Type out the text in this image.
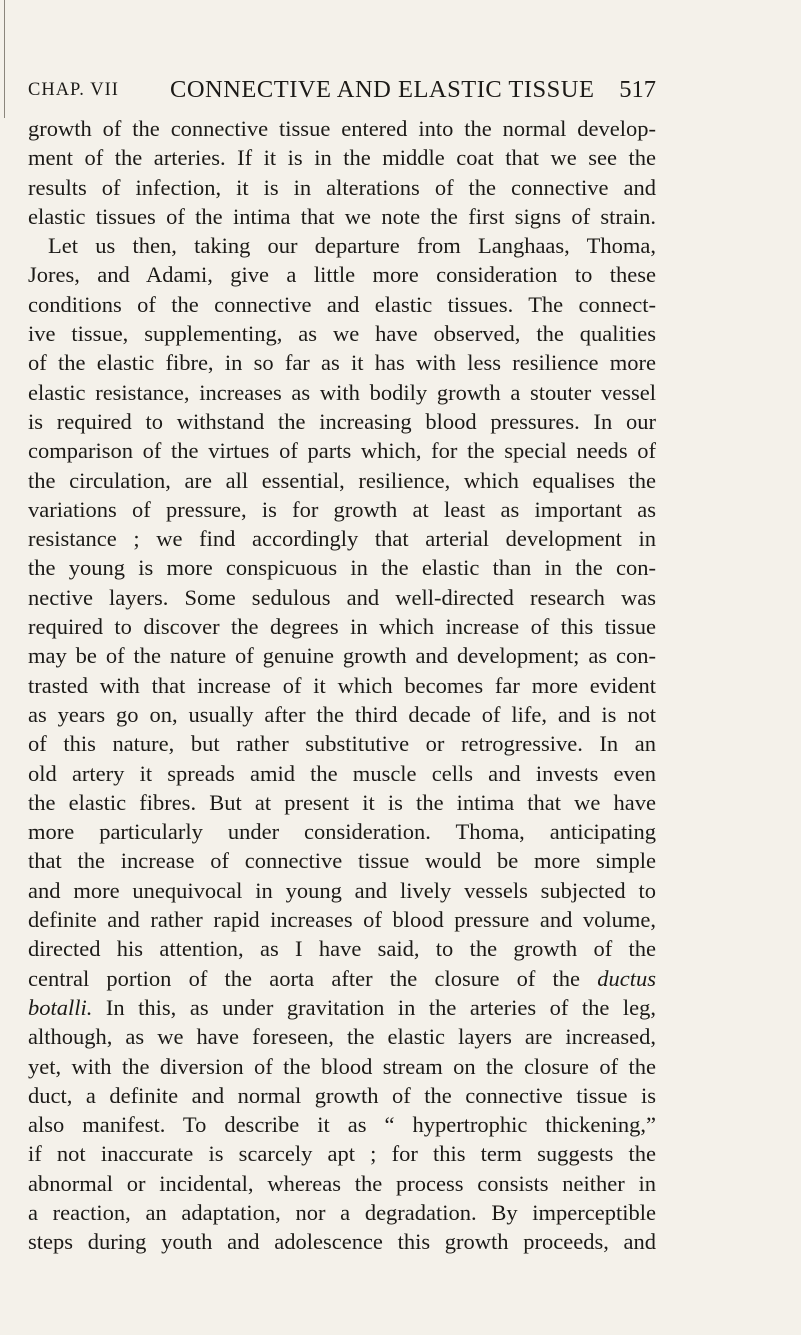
CHAP. VII CONNECTIVE AND ELASTIC TISSUE 517
growth of the connective tissue entered into the normal develop-
ment of the arteries. If it is in the middle coat that we see the
results of infection, it is in alterations of the connective and
elastic tissues of the intima that we note the first signs of strain.
Let us then, taking our departure from Langhaas, Thoma,
Jores, and Adami, give a little more consideration to these
conditions of the connective and elastic tissues. The connect-
ive tissue, supplementing, as we have observed, the qualities
of the elastic fibre, in so far as it has with less resilience more
elastic resistance, increases as with bodily growth a stouter vessel
is required to withstand the increasing blood pressures. In our
comparison of the virtues of parts which, for the special needs of
the circulation, are all essential, resilience, which equalises the
variations of pressure, is for growth at least as important as
resistance ; we find accordingly that arterial development in
the young is more conspicuous in the elastic than in the con-
nective layers. Some sedulous and well-directed research was
required to discover the degrees in which increase of this tissue
may be of the nature of genuine growth and development; as con-
trasted with that increase of it which becomes far more evident
as years go on, usually after the third decade of life, and is not
of this nature, but rather substitutive or retrogressive. In an
old artery it spreads amid the muscle cells and invests even
the elastic fibres. But at present it is the intima that we have
more particularly under consideration. Thoma, anticipating
that the increase of connective tissue would be more simple
and more unequivocal in young and lively vessels subjected to
definite and rather rapid increases of blood pressure and volume,
directed his attention, as I have said, to the growth of the
central portion of the aorta after the closure of the ductus
botalli. In this, as under gravitation in the arteries of the leg,
although, as we have foreseen, the elastic layers are increased,
yet, with the diversion of the blood stream on the closure of the
duct, a definite and normal growth of the connective tissue is
also manifest. To describe it as “ hypertrophic thickening,”
if not inaccurate is scarcely apt ; for this term suggests the
abnormal or incidental, whereas the process consists neither in
a reaction, an adaptation, nor a degradation. By imperceptible
steps during youth and adolescence this growth proceeds, and
